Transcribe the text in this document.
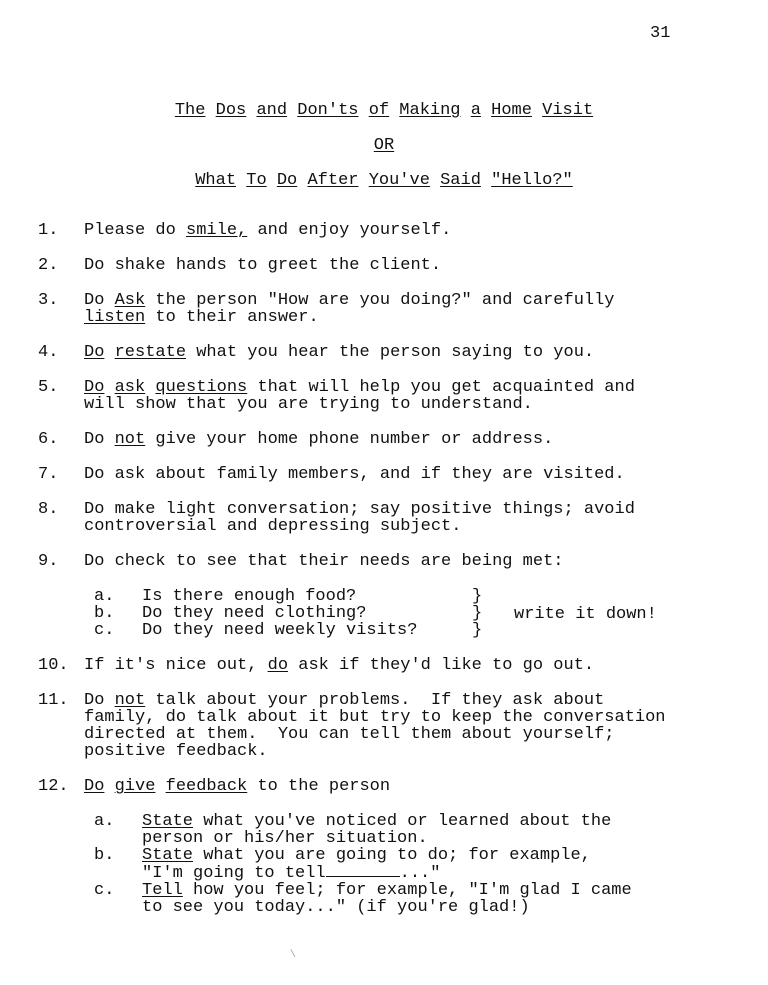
31
The Dos and Don'ts of Making a Home Visit
OR
What To Do After You've Said "Hello?"
1.	Please do smile, and enjoy yourself.
2.	Do shake hands to greet the client.
3.	Do Ask the person "How are you doing?" and carefully
listen to their answer.
4.	Do restate what you hear the person saying to you.
5.	Do ask questions that will help you get acquainted and
will show that you are trying to understand.
6.	Do not give your home phone number or address.
7.	Do ask about family members, and if they are visited.
8.	Do make light conversation; say positive things; avoid
controversial and depressing subject.
9.	Do check to see that their needs are being met:
a.	Is there enough food?	}
b.	Do they need clothing?	}
c.	Do they need weekly visits?	}
write it down!
10. If it's nice out, do ask if they'd like to go out.
11. Do not talk about your problems.  If they ask about
family, do talk about it but try to keep the conversation
directed at them.  You can tell them about yourself;
positive feedback.
12. Do give feedback to the person
a.	State what you've noticed or learned about the
person or his/her situation.
b.	State what you are going to do; for example,
"I'm going to tell	..."
c.	Tell how you feel; for example, "I'm glad I came
to see you today..." (if you're glad!)
\
